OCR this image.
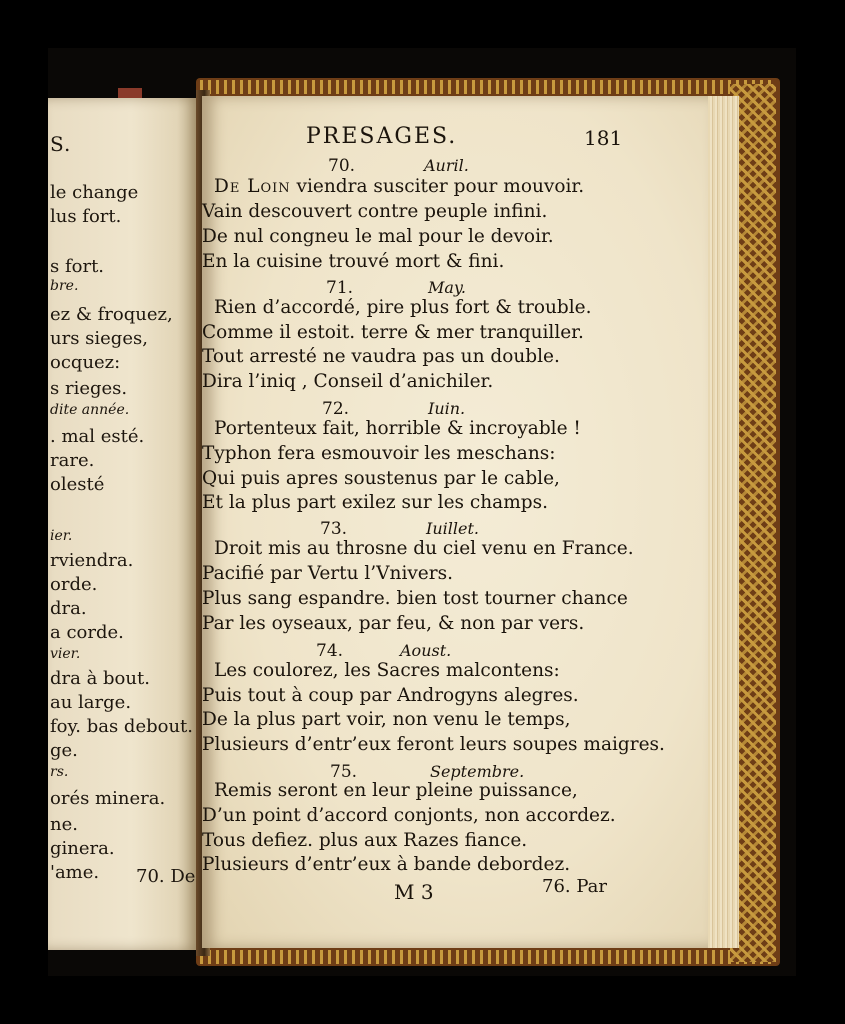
S.
le change
lus fort.
s fort.
bre.
ez & froquez,
urs sieges,
ocquez:
s rieges.
dite année.
. mal esté.
rare.
olesté
ier.
rviendra.
orde.
dra.
a corde.
vier.
dra à bout.
au large.
foy. bas debout.
ge.
rs.
orés minera.
ne.
ginera.
'ame. 70. De
PRESAGES.	181
70.	Auril.
De Loin viendra susciter pour mouvoir.
Vain descouvert contre peuple infini.
De nul congneu le mal pour le devoir.
En la cuisine trouvé mort & fini.
71.	May.
Rien d’accordé, pire plus fort & trouble.
Comme il estoit. terre & mer tranquiller.
Tout arresté ne vaudra pas un double.
Dira l’iniq , Conseil d’anichiler.
72.	Iuin.
Portenteux fait, horrible & incroyable !
Typhon fera esmouvoir les meschans:
Qui puis apres soustenus par le cable,
Et la plus part exilez sur les champs.
73.	Iuillet.
Droit mis au throsne du ciel venu en France.
Pacifié par Vertu l’Vnivers.
Plus sang espandre. bien tost tourner chance
Par les oyseaux, par feu, & non par vers.
74.	Aoust.
Les coulorez, les Sacres malcontens:
Puis tout à coup par Androgyns alegres.
De la plus part voir, non venu le temps,
Plusieurs d’entr’eux feront leurs soupes maigres.
75.	Septembre.
Remis seront en leur pleine puissance,
D’un point d’accord conjonts, non accordez.
Tous defiez. plus aux Razes fiance.
Plusieurs d’entr’eux à bande debordez.
M 3	76. Par
